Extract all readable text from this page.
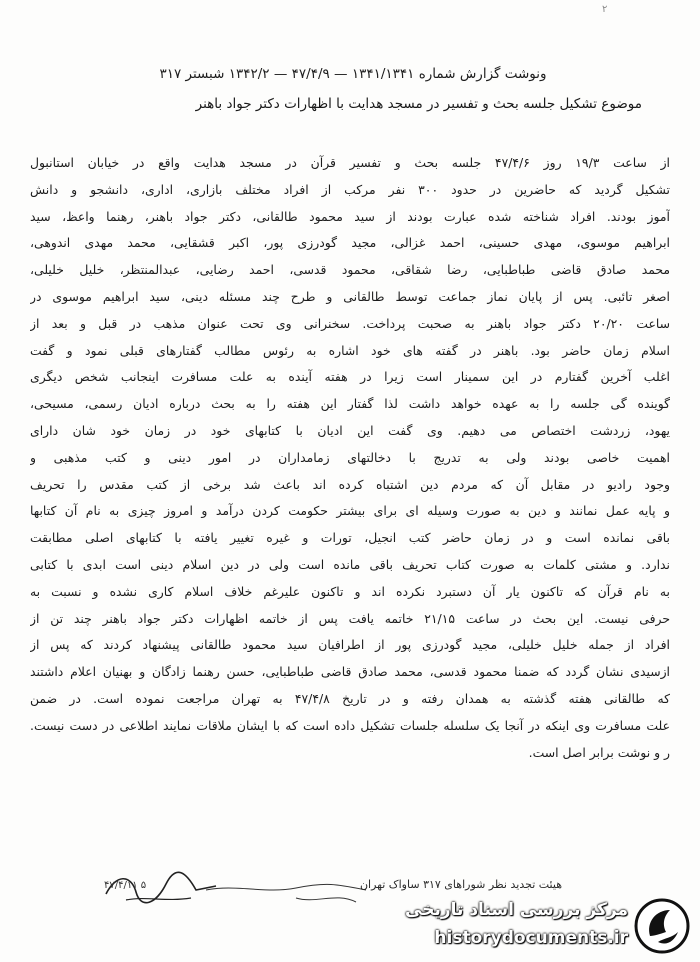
٢
ونوشت گزارش شماره ۱۳۴۱/۱۳۴۱ — ۴۷/۴/۹ — ۱۳۴۲/۲ شبستر ۳۱۷
موضوع تشکیل جلسه بحث و تفسیر در مسجد هدایت با اظهارات دکتر جواد باهنر
از ساعت ۱۹/۳ روز ۴۷/۴/۶ جلسه بحث و تفسیر قرآن در مسجد هدایت واقع در خیابان استانبول
تشکیل گردید که حاضرین در حدود ۳۰۰ نفر مرکب از افراد مختلف بازاری، اداری، دانشجو و دانش
آموز بودند. افراد شناخته شده عبارت بودند از سید محمود طالقانی، دکتر جواد باهنر، رهنما واعظ، سید
ابراهیم موسوی، مهدی حسینی، احمد غزالی، مجید گودرزی پور، اکبر قشقایی، محمد مهدی اندوهی،
محمد صادق قاضی طباطبایی، رضا شقاقی، محمود قدسی، احمد رضایی، عبدالمنتظر، خلیل خلیلی،
اصغر تائبی. پس از پایان نماز جماعت توسط طالقانی و طرح چند مسئله دینی، سید ابراهیم موسوی در
ساعت ۲۰/۲۰ دکتر جواد باهنر به صحبت پرداخت. سخنرانی وی تحت عنوان مذهب در قبل و بعد از
اسلام زمان حاضر بود. باهنر در گفته های خود اشاره به رئوس مطالب گفتارهای قبلی نمود و گفت
اغلب آخرین گفتارم در این سمینار است زیرا در هفته آینده به علت مسافرت اینجانب شخص دیگری
گوینده گی جلسه را به عهده خواهد داشت لذا گفتار این هفته را به بحث درباره ادیان رسمی، مسیحی،
یهود، زردشت اختصاص می دهیم. وی گفت این ادیان با کتابهای خود در زمان خود شان دارای
اهمیت خاصی بودند ولی به تدریج با دخالتهای زمامداران در امور دینی و کتب مذهبی و
وجود رادیو در مقابل آن که مردم دین اشتباه کرده اند باعث شد برخی از کتب مقدس را تحریف
و پایه عمل نمانند و دین به صورت وسیله ای برای بیشتر حکومت کردن درآمد و امروز چیزی به نام آن کتابها
باقی نمانده است و در زمان حاضر کتب انجیل، تورات و غیره تغییر یافته با کتابهای اصلی مطابقت
ندارد. و مشتی کلمات به صورت کتاب تحریف باقی مانده است ولی در دین اسلام دینی است ابدی با کتابی
به نام قرآن که تاکنون یار آن دستبرد نکرده اند و تاکنون علیرغم خلاف اسلام کاری نشده و نسبت به
حرفی نیست. این بحث در ساعت ۲۱/۱۵ خاتمه یافت پس از خاتمه اظهارات دکتر جواد باهنر چند تن از
افراد از جمله خلیل خلیلی، مجید گودرزی پور از اطرافیان سید محمود طالقانی پیشنهاد کردند که پس از
ازسیدی نشان گردد که ضمنا محمود قدسی، محمد صادق قاضی طباطبایی، حسن رهنما زادگان و بهنیان اعلام داشتند
که طالقانی هفته گذشته به همدان رفته و در تاریخ ۴۷/۴/۸ به تهران مراجعت نموده است. در ضمن
علت مسافرت وی اینکه در آنجا یک سلسله جلسات تشکیل داده است که با ایشان ملاقات نمایند اطلاعی در دست نیست.
ر و نوشت برابر اصل است.
هیئت تجدید نظر شوراهای ۳۱۷ ساواک تهران
۴۷/۴/۱۱ ۵
مرکز بررسی اسناد تاریخی
historydocuments.ir
